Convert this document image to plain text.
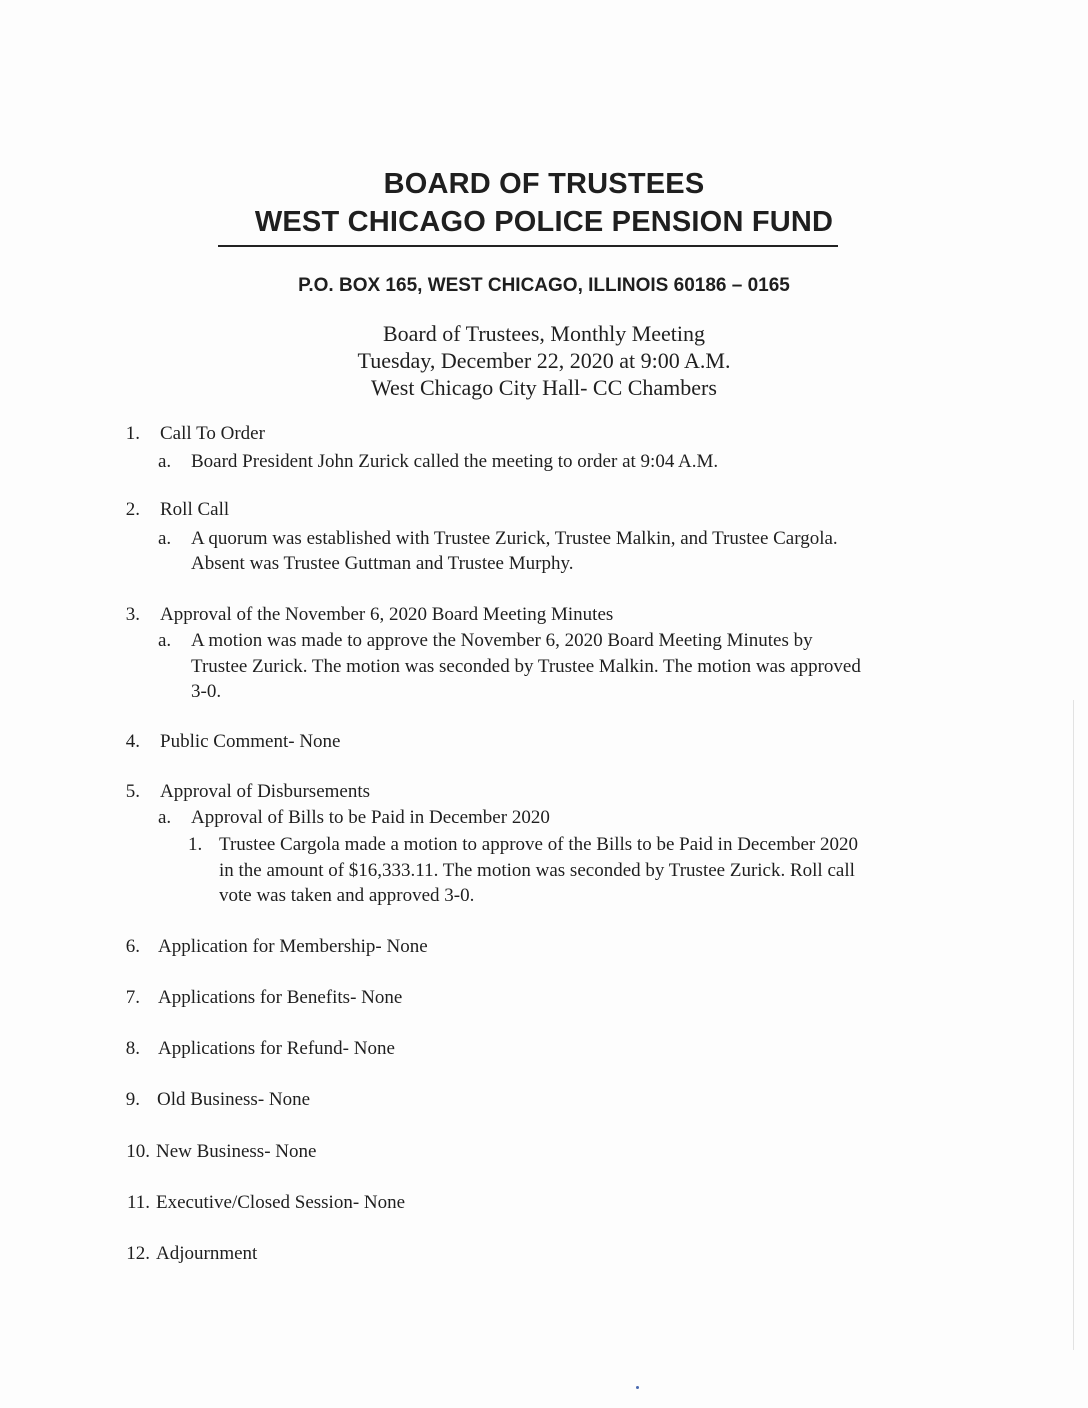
BOARD OF TRUSTEES
WEST CHICAGO POLICE PENSION FUND
P.O. BOX 165, WEST CHICAGO, ILLINOIS 60186 – 0165
Board of Trustees, Monthly Meeting
Tuesday, December 22, 2020 at 9:00 A.M.
West Chicago City Hall- CC Chambers
1. Call To Order
a. Board President John Zurick called the meeting to order at 9:04 A.M.
2. Roll Call
a. A quorum was established with Trustee Zurick, Trustee Malkin, and Trustee Cargola.
Absent was Trustee Guttman and Trustee Murphy.
3. Approval of the November 6, 2020 Board Meeting Minutes
a. A motion was made to approve the November 6, 2020 Board Meeting Minutes by
Trustee Zurick. The motion was seconded by Trustee Malkin. The motion was approved
3-0.
4. Public Comment- None
5. Approval of Disbursements
a. Approval of Bills to be Paid in December 2020
1. Trustee Cargola made a motion to approve of the Bills to be Paid in December 2020
in the amount of $16,333.11. The motion was seconded by Trustee Zurick. Roll call
vote was taken and approved 3-0.
6. Application for Membership- None
7. Applications for Benefits- None
8. Applications for Refund- None
9. Old Business- None
10. New Business- None
11. Executive/Closed Session- None
12. Adjournment
